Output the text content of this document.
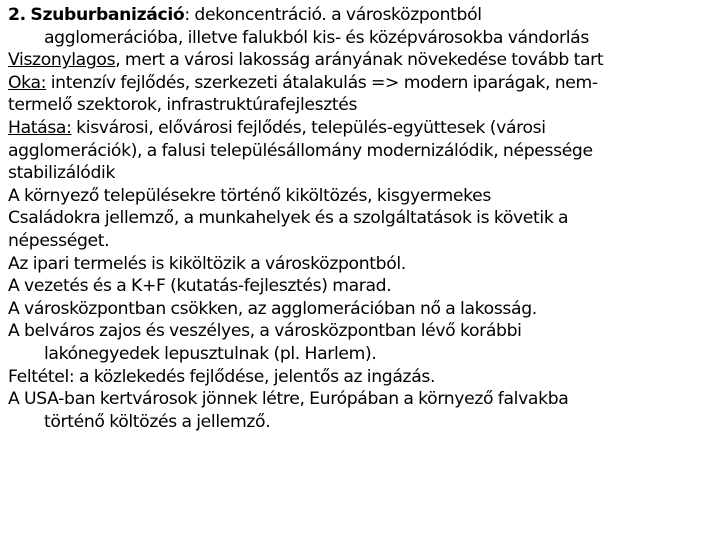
2. Szuburbanizáció: dekoncentráció. a városközpontból
agglomerációba, illetve falukból kis- és középvárosokba vándorlás
Viszonylagos, mert a városi lakosság arányának növekedése tovább tart
Oka: intenzív fejlődés, szerkezeti átalakulás => modern iparágak, nem-
termelő szektorok, infrastruktúrafejlesztés
Hatása: kisvárosi, elővárosi fejlődés, település-együttesek (városi
agglomerációk), a falusi településállomány modernizálódik, népessége
stabilizálódik
A környező településekre történő kiköltözés, kisgyermekes
Családokra jellemző, a munkahelyek és a szolgáltatások is követik a
népességet.
Az ipari termelés is kiköltözik a városközpontból.
A vezetés és a K+F (kutatás-fejlesztés) marad.
A városközpontban csökken, az agglomerációban nő a lakosság.
A belváros zajos és veszélyes, a városközpontban lévő korábbi
lakónegyedek lepusztulnak (pl. Harlem).
Feltétel: a közlekedés fejlődése, jelentős az ingázás.
A USA-ban kertvárosok jönnek létre, Európában a környező falvakba
történő költözés a jellemző.
